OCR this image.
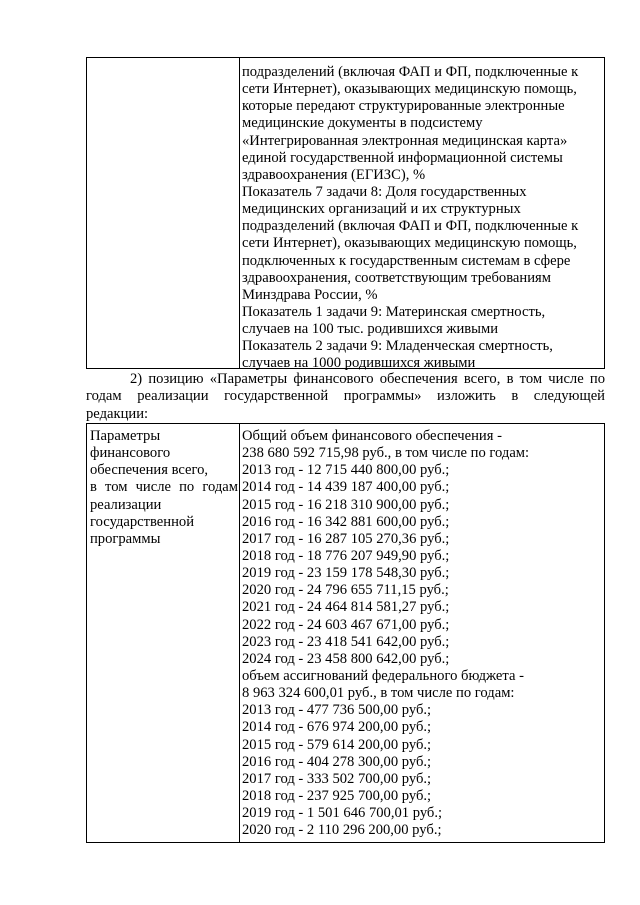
подразделений (включая ФАП и ФП, подключенные к
сети Интернет), оказывающих медицинскую помощь,
которые передают структурированные электронные
медицинские документы в подсистему
«Интегрированная электронная медицинская карта»
единой государственной информационной системы
здравоохранения (ЕГИЗС), %
Показатель 7 задачи 8: Доля государственных
медицинских организаций и их структурных
подразделений (включая ФАП и ФП, подключенные к
сети Интернет), оказывающих медицинскую помощь,
подключенных к государственным системам в сфере
здравоохранения, соответствующим требованиям
Минздрава России, %
Показатель 1 задачи 9: Материнская смертность,
случаев на 100 тыс. родившихся живыми
Показатель 2 задачи 9: Младенческая смертность,
случаев на 1000 родившихся живыми
2) позицию «Параметры финансового обеспечения всего, в том числе по
годам реализации государственной программы» изложить в следующей
редакции:
Параметры
финансового
обеспечения всего,
в том числе по годам
реализации
государственной
программы
Общий объем финансового обеспечения -
238 680 592 715,98 руб., в том числе по годам:
2013 год - 12 715 440 800,00 руб.;
2014 год - 14 439 187 400,00 руб.;
2015 год - 16 218 310 900,00 руб.;
2016 год - 16 342 881 600,00 руб.;
2017 год - 16 287 105 270,36 руб.;
2018 год - 18 776 207 949,90 руб.;
2019 год - 23 159 178 548,30 руб.;
2020 год - 24 796 655 711,15 руб.;
2021 год - 24 464 814 581,27 руб.;
2022 год - 24 603 467 671,00 руб.;
2023 год - 23 418 541 642,00 руб.;
2024 год - 23 458 800 642,00 руб.;
объем ассигнований федерального бюджета -
8 963 324 600,01 руб., в том числе по годам:
2013 год - 477 736 500,00 руб.;
2014 год - 676 974 200,00 руб.;
2015 год - 579 614 200,00 руб.;
2016 год - 404 278 300,00 руб.;
2017 год - 333 502 700,00 руб.;
2018 год - 237 925 700,00 руб.;
2019 год - 1 501 646 700,01 руб.;
2020 год - 2 110 296 200,00 руб.;
